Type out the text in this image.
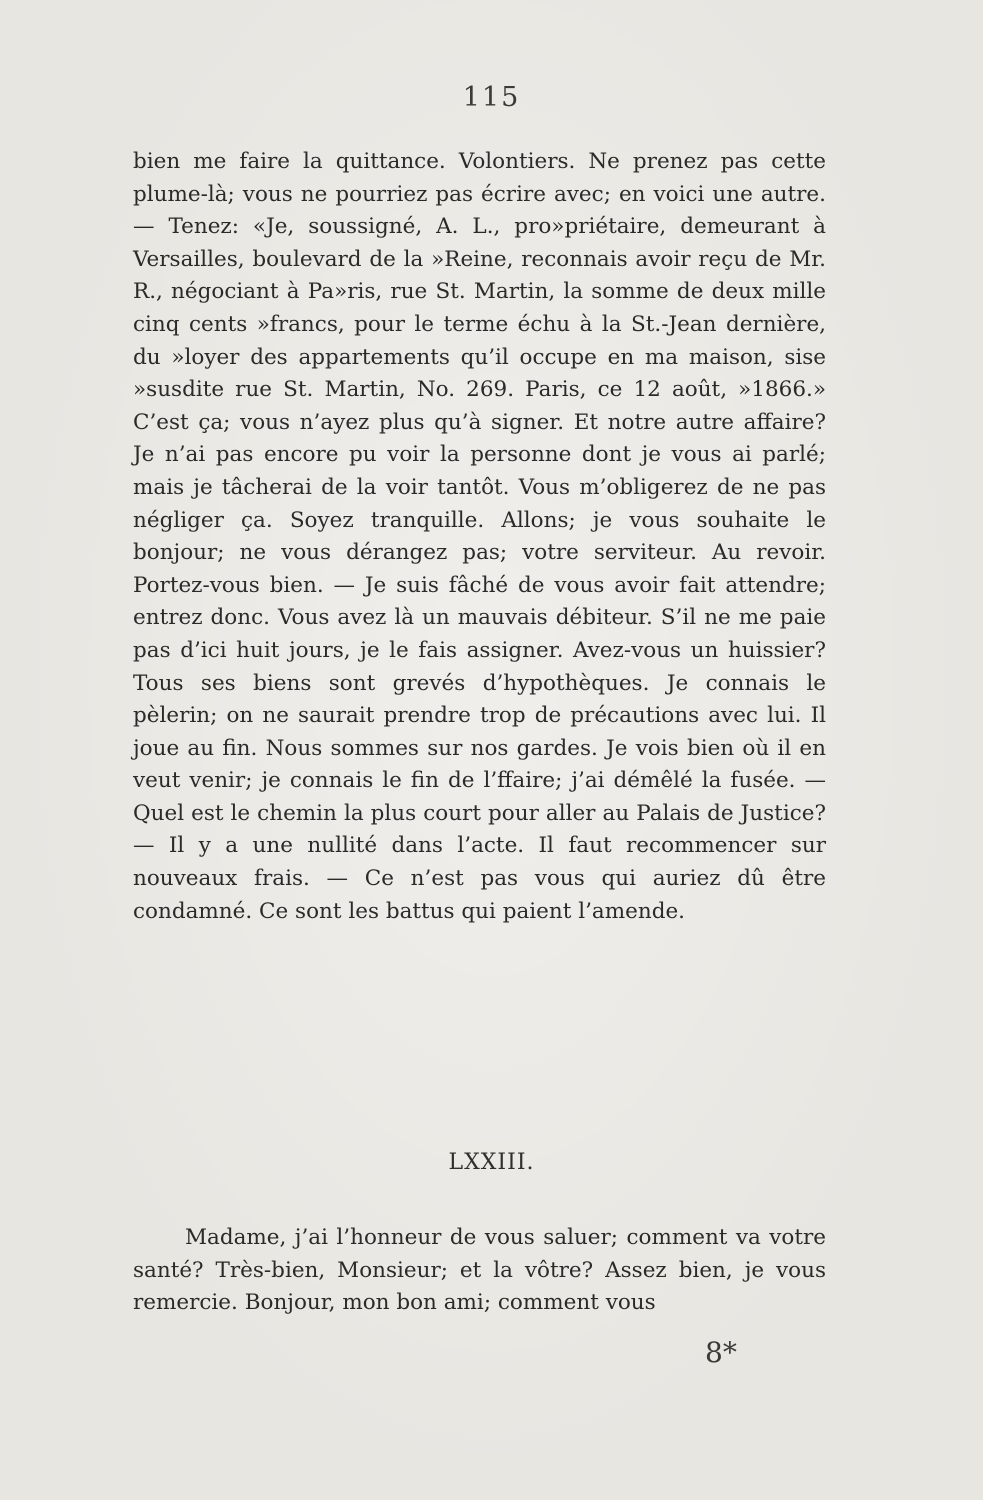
115

bien me faire la quittance. Volontiers. Ne prenez pas cette plume-là; vous ne pourriez pas écrire avec; en voici une autre. — Tenez: «Je, soussigné, A. L., pro»priétaire, demeurant à Versailles, boulevard de la »Reine, reconnais avoir reçu de Mr. R., négociant à Pa»ris, rue St. Martin, la somme de deux mille cinq cents »francs, pour le terme échu à la St.-Jean dernière, du »loyer des appartements qu’il occupe en ma maison, sise »susdite rue St. Martin, No. 269. Paris, ce 12 août, »1866.» C’est ça; vous n’ayez plus qu’à signer. Et notre autre affaire? Je n’ai pas encore pu voir la personne dont je vous ai parlé; mais je tâcherai de la voir tantôt. Vous m’obligerez de ne pas négliger ça. Soyez tranquille. Allons; je vous souhaite le bonjour; ne vous dérangez pas; votre serviteur. Au revoir. Portez-vous bien. — Je suis fâché de vous avoir fait attendre; entrez donc. Vous avez là un mauvais débiteur. S’il ne me paie pas d’ici huit jours, je le fais assigner. Avez-vous un huissier? Tous ses biens sont grevés d’hypothèques. Je connais le pèlerin; on ne saurait prendre trop de précautions avec lui. Il joue au fin. Nous sommes sur nos gardes. Je vois bien où il en veut venir; je connais le fin de l’ffaire; j’ai démêlé la fusée. — Quel est le chemin la plus court pour aller au Palais de Justice? — Il y a une nullité dans l’acte. Il faut recommencer sur nouveaux frais. — Ce n’est pas vous qui auriez dû être condamné. Ce sont les battus qui paient l’amende.

LXXIII.

Madame, j’ai l’honneur de vous saluer; comment va votre santé? Très-bien, Monsieur; et la vôtre? Assez bien, je vous remercie. Bonjour, mon bon ami; comment vous

8*
